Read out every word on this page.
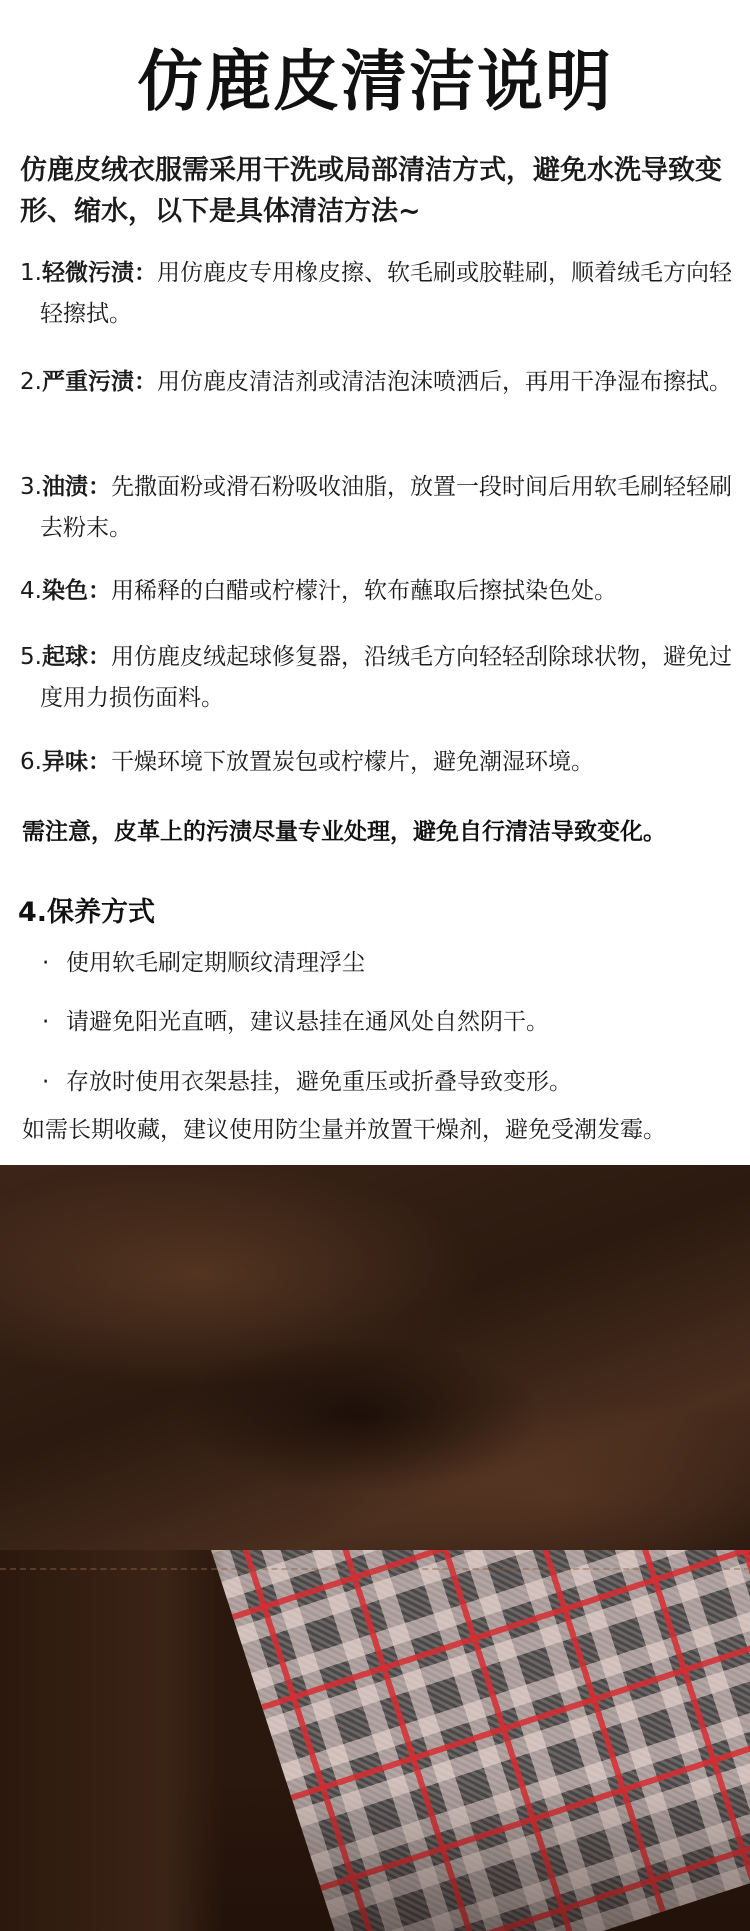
仿鹿皮清洁说明
仿鹿皮绒衣服需采用干洗或局部清洁方式，避免水洗导致变形、缩水，以下是具体清洁方法~
1.轻微污渍：用仿鹿皮专用橡皮擦、软毛刷或胶鞋刷，顺着绒毛方向轻轻擦拭。
2.严重污渍：用仿鹿皮清洁剂或清洁泡沫喷洒后，再用干净湿布擦拭。
3.油渍：先撒面粉或滑石粉吸收油脂，放置一段时间后用软毛刷轻轻刷去粉末。
4.染色：用稀释的白醋或柠檬汁，软布蘸取后擦拭染色处。
5.起球：用仿鹿皮绒起球修复器，沿绒毛方向轻轻刮除球状物，避免过度用力损伤面料。
6.异味：干燥环境下放置炭包或柠檬片，避免潮湿环境。
需注意，皮革上的污渍尽量专业处理，避免自行清洁导致变化。
4.保养方式
· 使用软毛刷定期顺纹清理浮尘
· 请避免阳光直晒，建议悬挂在通风处自然阴干。
· 存放时使用衣架悬挂，避免重压或折叠导致变形。
如需长期收藏，建议使用防尘量并放置干燥剂，避免受潮发霉。
